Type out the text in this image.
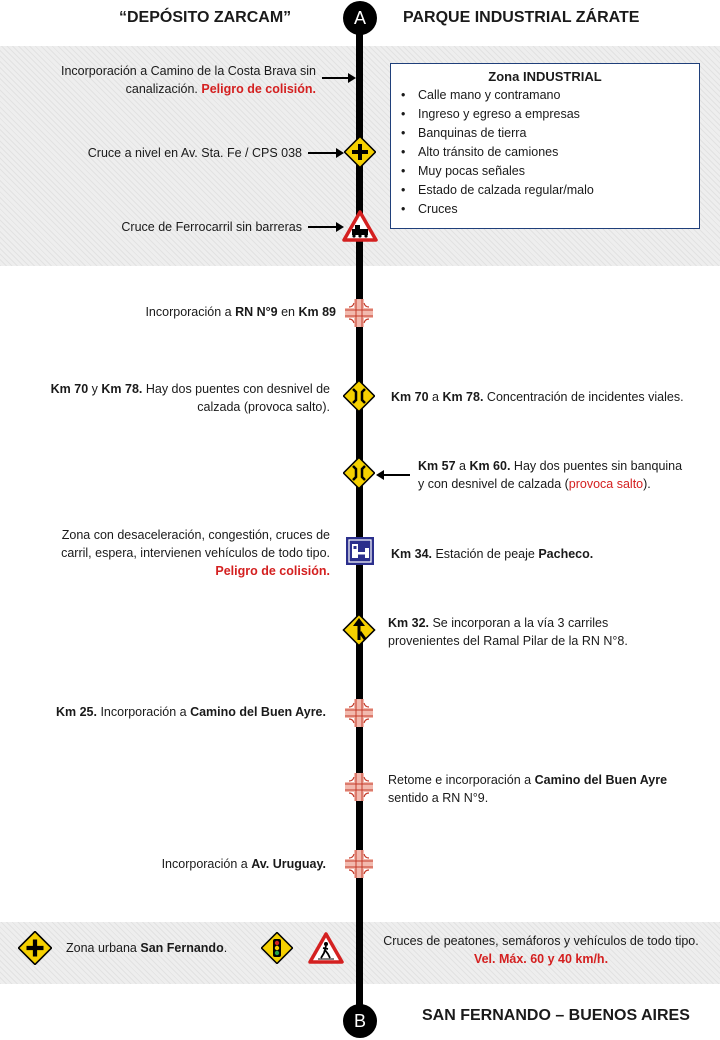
A
B
“DEPÓSITO ZARCAM”	PARQUE INDUSTRIAL ZÁRATE
SAN FERNANDO – BUENOS AIRES
Zona INDUSTRIAL
• Calle mano y contramano
• Ingreso y egreso a empresas
• Banquinas de tierra
• Alto tránsito de camiones
• Muy pocas señales
• Estado de calzada regular/malo
• Cruces
Incorporación a Camino de la Costa Brava sin
canalización. Peligro de colisión.
Cruce a nivel en Av. Sta. Fe / CPS 038
Cruce de Ferrocarril sin barreras
Incorporación a RN N°9 en Km 89
Km 70 y Km 78. Hay dos puentes con desnivel de
calzada (provoca salto).
Km 70 a Km 78. Concentración de incidentes viales.
Km 57 a Km 60. Hay dos puentes sin banquina
y con desnivel de calzada (provoca salto).
Zona con desaceleración, congestión, cruces de
carril, espera, intervienen vehículos de todo tipo.
Peligro de colisión.
Km 34. Estación de peaje Pacheco.
Km 32. Se incorporan a la vía 3 carriles
provenientes del Ramal Pilar de la RN N°8.
Km 25. Incorporación a Camino del Buen Ayre.
Retome e incorporación a Camino del Buen Ayre
sentido a RN N°9.
Incorporación a Av. Uruguay.
Zona urbana San Fernando.	Cruces de peatones, semáforos y vehículos de todo tipo.
Vel. Máx. 60 y 40 km/h.
